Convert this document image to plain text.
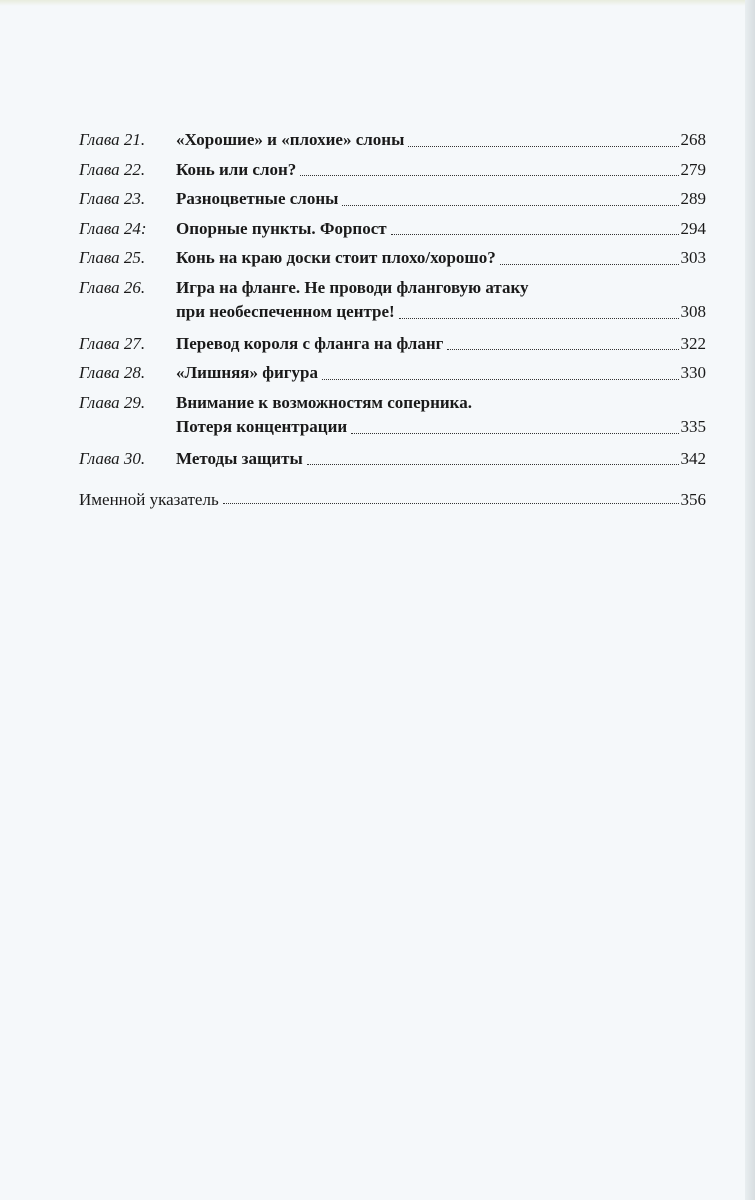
Глава 21.	«Хорошие» и «плохие» слоны	268
Глава 22.	Конь или слон?	279
Глава 23.	Разноцветные слоны	289
Глава 24:	Опорные пункты. Форпост	294
Глава 25.	Конь на краю доски стоит плохо/хорошо?	303
Глава 26.	Игра на фланге. Не проводи фланговую атаку
при необеспеченном центре!	308
Глава 27.	Перевод короля с фланга на фланг	322
Глава 28.	«Лишняя» фигура	330
Глава 29.	Внимание к возможностям соперника.
Потеря концентрации	335
Глава 30.	Методы защиты	342
Именной указатель	356
